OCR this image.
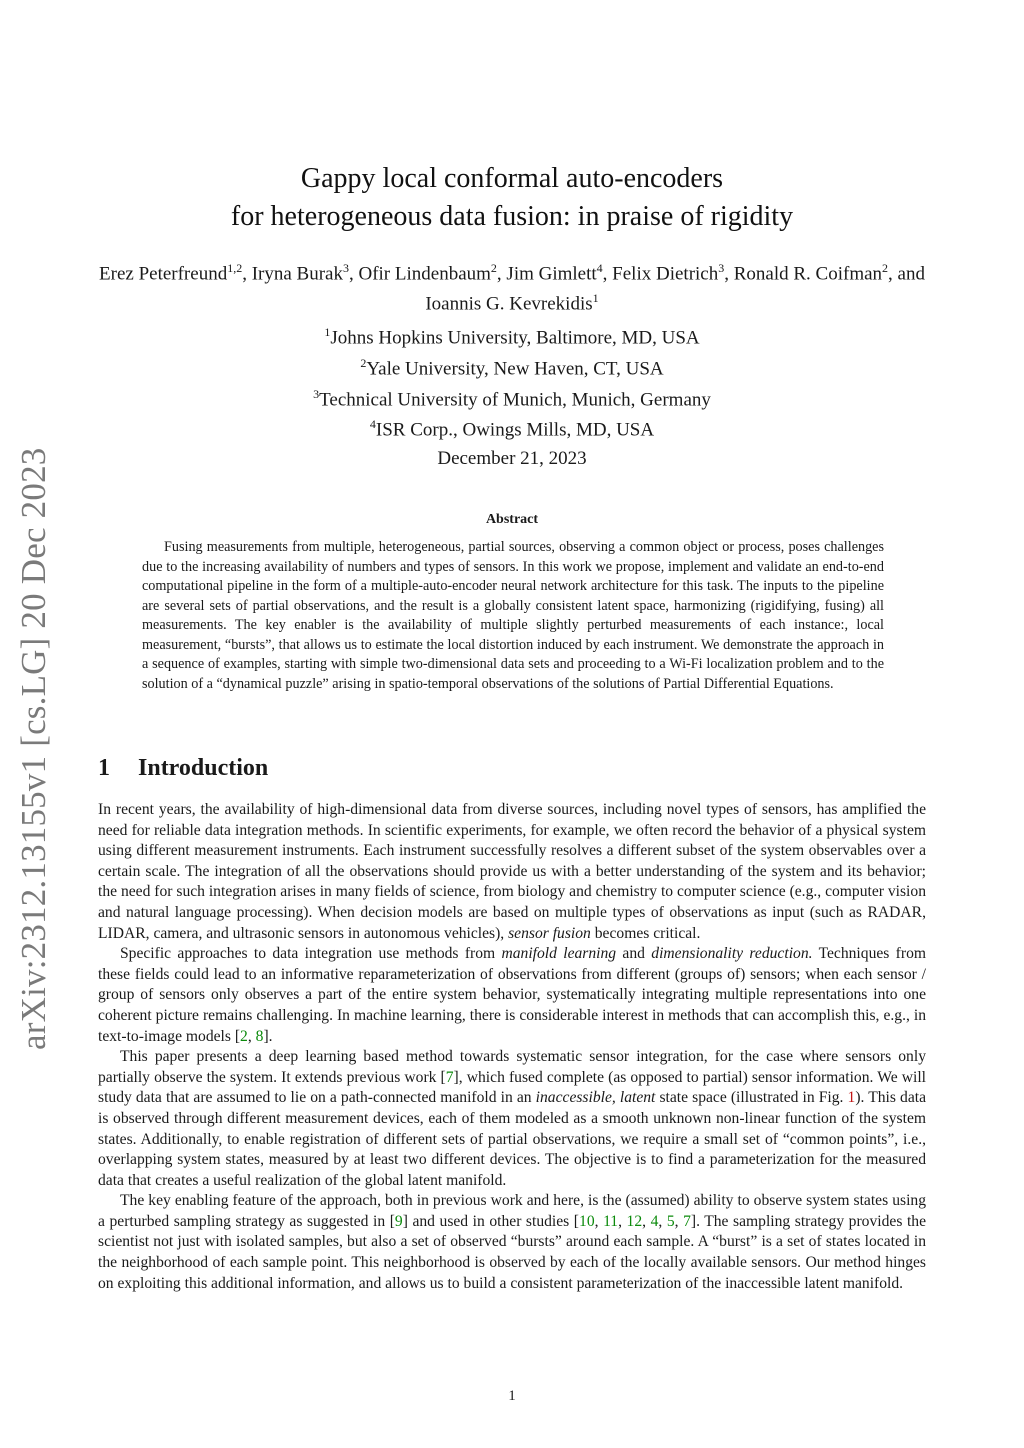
arXiv:2312.13155v1 [cs.LG] 20 Dec 2023
Gappy local conformal auto-encoders
for heterogeneous data fusion: in praise of rigidity
Erez Peterfreund$^{1,2}$, Iryna Burak$^3$, Ofir Lindenbaum$^2$, Jim Gimlett$^4$, Felix Dietrich$^3$, Ronald R. Coifman$^2$, and Ioannis G. Kevrekidis$^1$
$^1$Johns Hopkins University, Baltimore, MD, USA
$^2$Yale University, New Haven, CT, USA
$^3$Technical University of Munich, Munich, Germany
$^4$ISR Corp., Owings Mills, MD, USA
December 21, 2023
Abstract
Fusing measurements from multiple, heterogeneous, partial sources, observing a common object or process, poses challenges due to the increasing availability of numbers and types of sensors. In this work we propose, implement and validate an end-to-end computational pipeline in the form of a multiple-auto-encoder neural network architecture for this task. The inputs to the pipeline are several sets of partial observations, and the result is a globally consistent latent space, harmonizing (rigidifying, fusing) all measurements. The key enabler is the availability of multiple slightly perturbed measurements of each instance:, local measurement, “bursts”, that allows us to estimate the local distortion induced by each instrument. We demonstrate the approach in a sequence of examples, starting with simple two-dimensional data sets and proceeding to a Wi-Fi localization problem and to the solution of a “dynamical puzzle” arising in spatio-temporal observations of the solutions of Partial Differential Equations.
1 Introduction

In recent years, the availability of high-dimensional data from diverse sources, including novel types of sensors, has amplified the need for reliable data integration methods. In scientific experiments, for example, we often record the behavior of a physical system using different measurement instruments. Each instrument successfully resolves a different subset of the system observables over a certain scale. The integration of all the observations should provide us with a better understanding of the system and its behavior; the need for such integration arises in many fields of science, from biology and chemistry to computer science (e.g., computer vision and natural language processing). When decision models are based on multiple types of observations as input (such as RADAR, LIDAR, camera, and ultrasonic sensors in autonomous vehicles), sensor fusion becomes critical.

Specific approaches to data integration use methods from manifold learning and dimensionality reduction. Techniques from these fields could lead to an informative reparameterization of observations from different (groups of) sensors; when each sensor / group of sensors only observes a part of the entire system behavior, systematically integrating multiple representations into one coherent picture remains challenging. In machine learning, there is considerable interest in methods that can accomplish this, e.g., in text-to-image models [2, 8].

This paper presents a deep learning based method towards systematic sensor integration, for the case where sensors only partially observe the system. It extends previous work [7], which fused complete (as opposed to partial) sensor information. We will study data that are assumed to lie on a path-connected manifold in an inaccessible, latent state space (illustrated in Fig. 1). This data is observed through different measurement devices, each of them modeled as a smooth unknown non-linear function of the system states. Additionally, to enable registration of different sets of partial observations, we require a small set of “common points”, i.e., overlapping system states, measured by at least two different devices. The objective is to find a parameterization for the measured data that creates a useful realization of the global latent manifold.

The key enabling feature of the approach, both in previous work and here, is the (assumed) ability to observe system states using a perturbed sampling strategy as suggested in [9] and used in other studies [10, 11, 12, 4, 5, 7]. The sampling strategy provides the scientist not just with isolated samples, but also a set of observed “bursts” around each sample. A “burst” is a set of states located in the neighborhood of each sample point. This neighborhood is observed by each of the locally available sensors. Our method hinges on exploiting this additional information, and allows us to build a consistent parameterization of the inaccessible latent manifold.

1
